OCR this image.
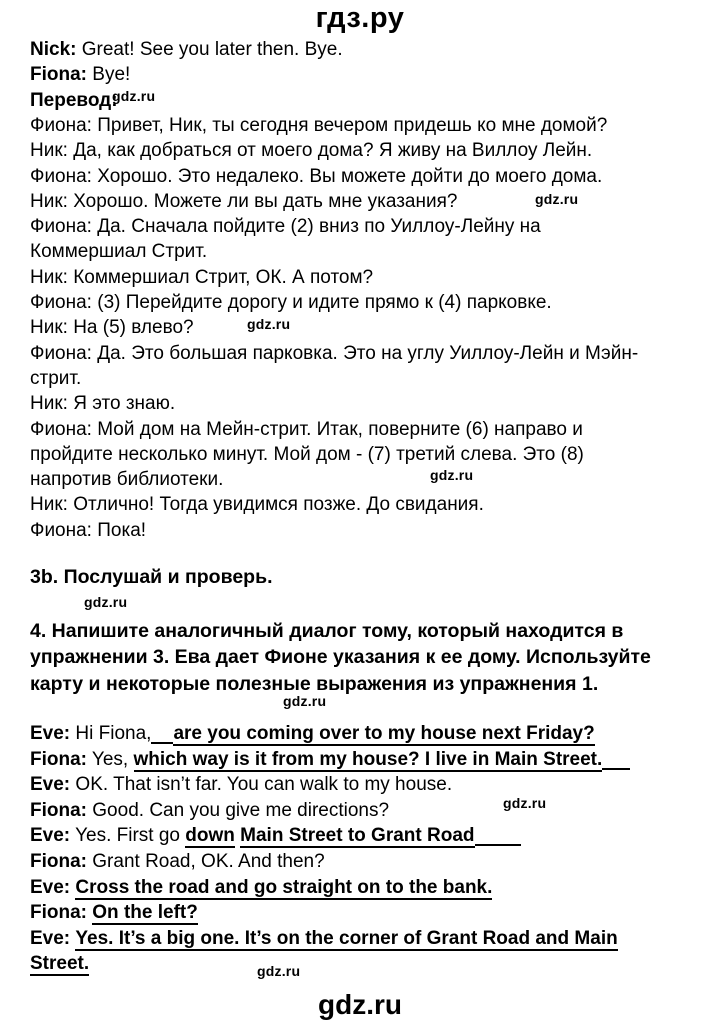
гдз.ру
Nick: Great! See you later then. Bye.
Fiona: Bye!
Перевод:
Фиона: Привет, Ник, ты сегодня вечером придешь ко мне домой?
Ник: Да, как добраться от моего дома? Я живу на Виллоу Лейн.
Фиона: Хорошо. Это недалеко. Вы можете дойти до моего дома.
Ник: Хорошо. Можете ли вы дать мне указания?
Фиона: Да. Сначала пойдите (2) вниз по Уиллоу-Лейну на
Коммершиал Стрит.
Ник: Коммершиал Стрит, ОК. А потом?
Фиона: (3) Перейдите дорогу и идите прямо к (4) парковке.
Ник: На (5) влево?
Фиона: Да. Это большая парковка. Это на углу Уиллоу-Лейн и Мэйн-
стрит.
Ник: Я это знаю.
Фиона: Мой дом на Мейн-стрит. Итак, поверните (6) направо и
пройдите несколько минут. Мой дом - (7) третий слева. Это (8)
напротив библиотеки.
Ник: Отлично! Тогда увидимся позже. До свидания.
Фиона: Пока!
3b. Послушай и проверь.
4. Напишите аналогичный диалог тому, который находится в
упражнении 3. Ева дает Фионе указания к ее дому. Используйте
карту и некоторые полезные выражения из упражнения 1.
Eve: Hi Fiona, are you coming over to my house next Friday?
Fiona: Yes, which way is it from my house? I live in Main Street.
Eve: OK. That isn’t far. You can walk to my house.
Fiona: Good. Can you give me directions?
Eve: Yes. First go down Main Street to Grant Road
Fiona: Grant Road, OK. And then?
Eve: Cross the road and go straight on to the bank.
Fiona: On the left?
Eve: Yes. It’s a big one. It’s on the corner of Grant Road and Main
Street.
gdz.ru
gdz.ru
gdz.ru
gdz.ru
gdz.ru
gdz.ru
gdz.ru
gdz.ru
gdz.ru
